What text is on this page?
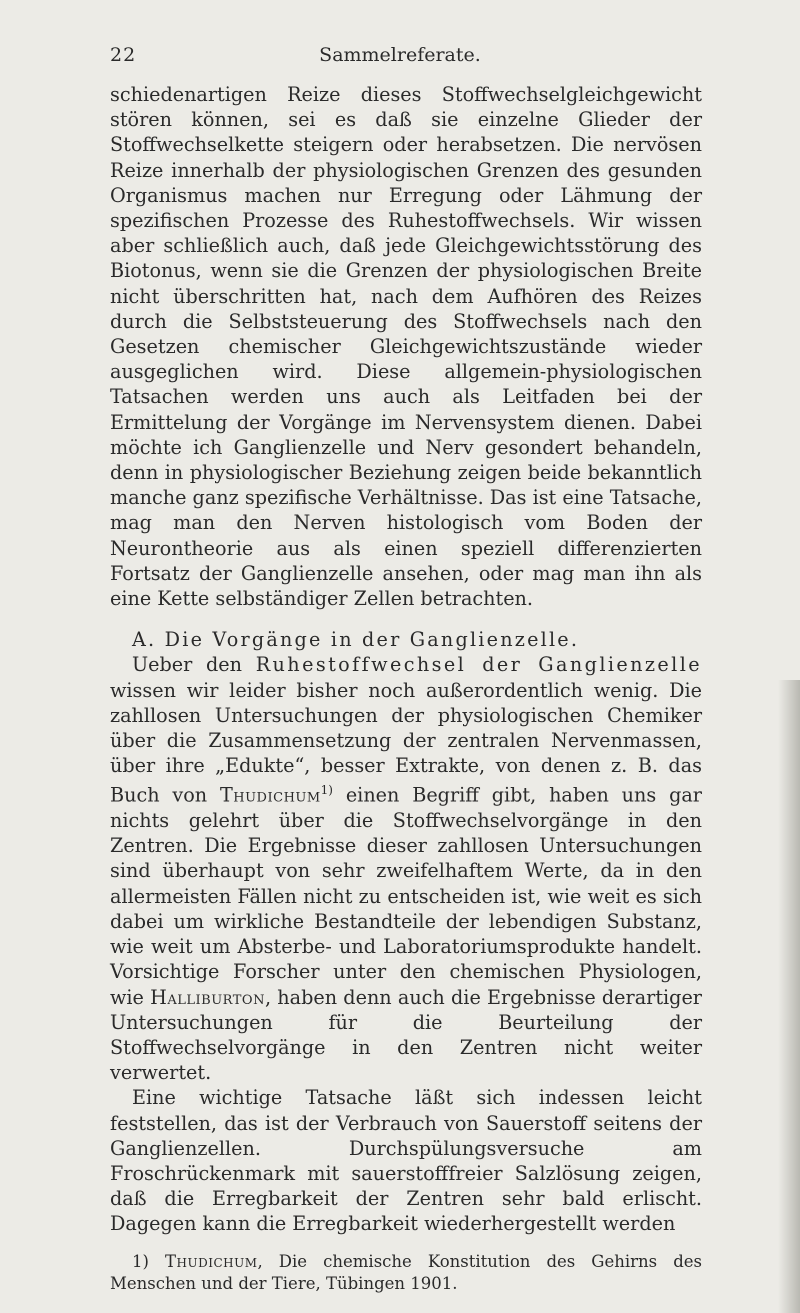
22	Sammelreferate.

schiedenartigen Reize dieses Stoffwechselgleichgewicht stören können, sei es daß sie einzelne Glieder der Stoffwechselkette steigern oder herabsetzen. Die nervösen Reize innerhalb der physiologischen Grenzen des gesunden Organismus machen nur Erregung oder Lähmung der spezifischen Prozesse des Ruhestoffwechsels. Wir wissen aber schließlich auch, daß jede Gleichgewichtsstörung des Biotonus, wenn sie die Grenzen der physiologischen Breite nicht überschritten hat, nach dem Aufhören des Reizes durch die Selbststeuerung des Stoffwechsels nach den Gesetzen chemischer Gleichgewichtszustände wieder ausgeglichen wird. Diese allgemein-physiologischen Tatsachen werden uns auch als Leitfaden bei der Ermittelung der Vorgänge im Nervensystem dienen. Dabei möchte ich Ganglienzelle und Nerv gesondert behandeln, denn in physiologischer Beziehung zeigen beide bekanntlich manche ganz spezifische Verhältnisse. Das ist eine Tatsache, mag man den Nerven histologisch vom Boden der Neurontheorie aus als einen speziell differenzierten Fortsatz der Ganglienzelle ansehen, oder mag man ihn als eine Kette selbständiger Zellen betrachten.

A. Die Vorgänge in der Ganglienzelle.

Ueber den Ruhestoffwechsel der Ganglienzelle wissen wir leider bisher noch außerordentlich wenig. Die zahllosen Untersuchungen der physiologischen Chemiker über die Zusammensetzung der zentralen Nervenmassen, über ihre „Edukte“, besser Extrakte, von denen z. B. das Buch von Thudichum$^{1)}$ einen Begriff gibt, haben uns gar nichts gelehrt über die Stoffwechselvorgänge in den Zentren. Die Ergebnisse dieser zahllosen Untersuchungen sind überhaupt von sehr zweifelhaftem Werte, da in den allermeisten Fällen nicht zu entscheiden ist, wie weit es sich dabei um wirkliche Bestandteile der lebendigen Substanz, wie weit um Absterbe- und Laboratoriumsprodukte handelt. Vorsichtige Forscher unter den chemischen Physiologen, wie Halliburton, haben denn auch die Ergebnisse derartiger Untersuchungen für die Beurteilung der Stoffwechselvorgänge in den Zentren nicht weiter verwertet.

Eine wichtige Tatsache läßt sich indessen leicht feststellen, das ist der Verbrauch von Sauerstoff seitens der Ganglienzellen. Durchspülungsversuche am Froschrückenmark mit sauerstofffreier Salzlösung zeigen, daß die Erregbarkeit der Zentren sehr bald erlischt. Dagegen kann die Erregbarkeit wiederhergestellt werden

1) Thudichum, Die chemische Konstitution des Gehirns des Menschen und der Tiere, Tübingen 1901.
